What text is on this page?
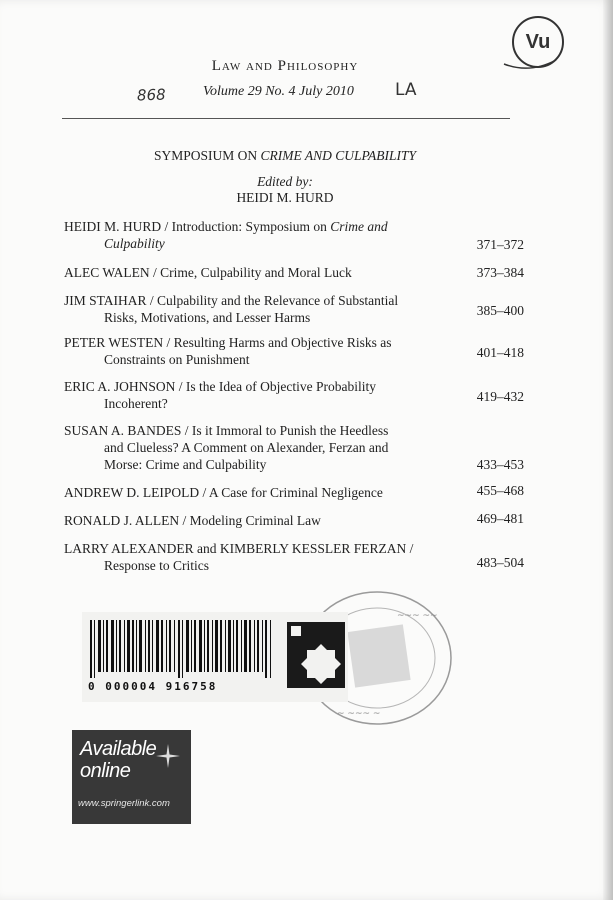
Vu
Law and Philosophy
868	Volume 29 No. 4 July 2010 LA
SYMPOSIUM ON CRIME AND CULPABILITY
Edited by:
HEIDI M. HURD
HEIDI M. HURD / Introduction: Symposium on Crime and
Culpability	371–372
ALEC WALEN / Crime, Culpability and Moral Luck	373–384
JIM STAIHAR / Culpability and the Relevance of Substantial
Risks, Motivations, and Lesser Harms	385–400
PETER WESTEN / Resulting Harms and Objective Risks as
Constraints on Punishment	401–418
ERIC A. JOHNSON / Is the Idea of Objective Probability
Incoherent?	419–432
SUSAN A. BANDES / Is it Immoral to Punish the Heedless
and Clueless? A Comment on Alexander, Ferzan and
Morse: Crime and Culpability	433–453
ANDREW D. LEIPOLD / A Case for Criminal Negligence	455–468
RONALD J. ALLEN / Modeling Criminal Law	469–481
LARRY ALEXANDER and KIMBERLY KESSLER FERZAN /
Response to Critics	483–504
~~~ ~~
~ ~~~ ~
0 000004 916758
Available
online
www.springerlink.com
